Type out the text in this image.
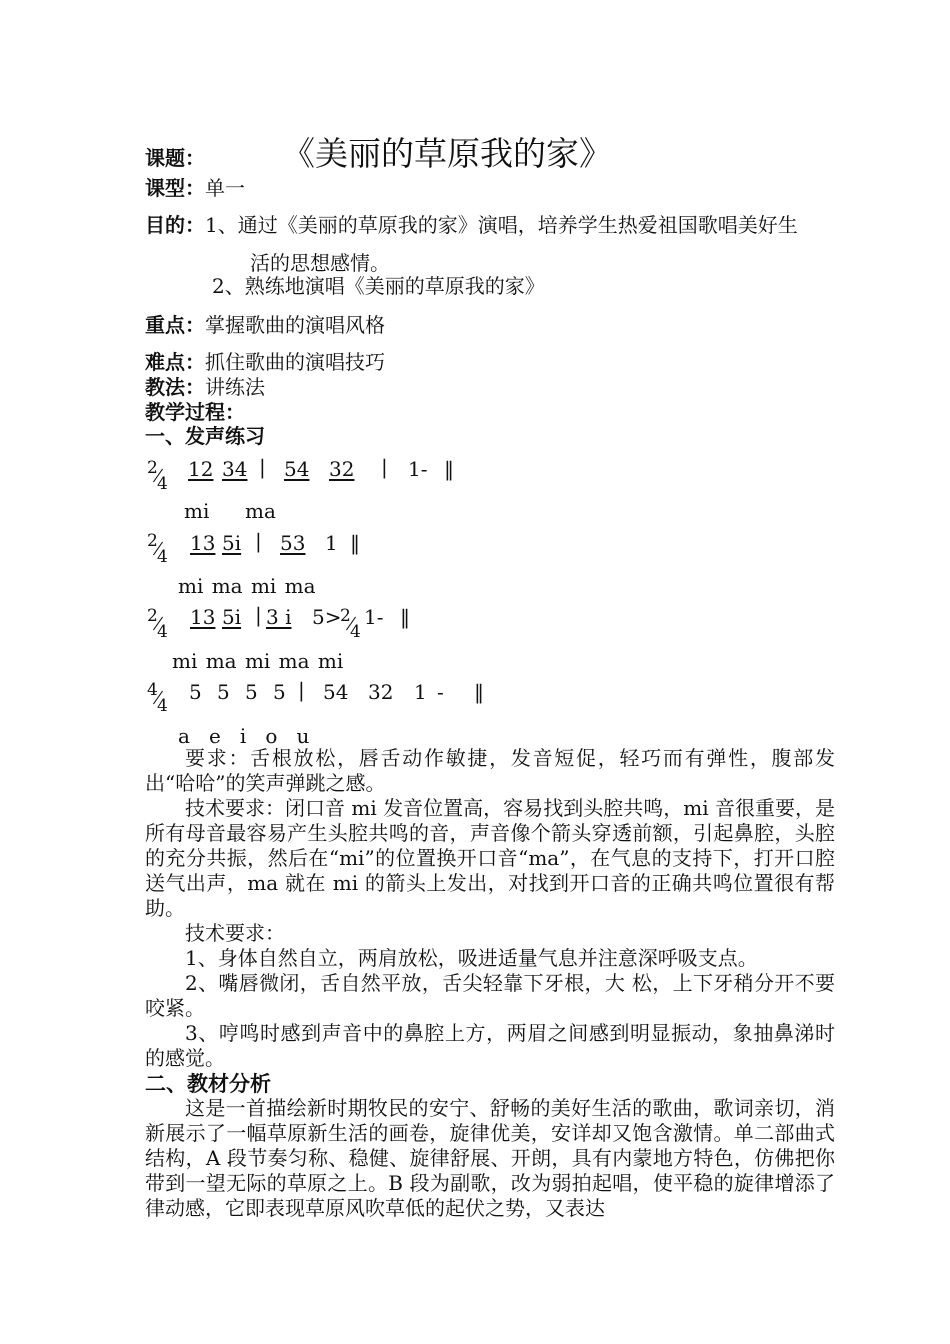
课题： 《美丽的草原我的家》
课型：单一
目的：1、通过《美丽的草原我的家》演唱，培养学生热爱祖国歌唱美好生
活的思想感情。
2、熟练地演唱《美丽的草原我的家》
重点：掌握歌曲的演唱风格
难点：抓住歌曲的演唱技巧
教法：讲练法
教学过程：
一、发声练习
2
4
12 34 | 54 32 | 1- ‖
mi ma
2
4
13 5i | 53 1 ‖
mi ma mi ma
2
4
13 5i | 3 i 5>
2
4
1- ‖
mi ma mi ma mi
4
4
5 5 5 5 | 54 32 1 - ‖
a   e   i   o   u

要求：舌根放松，唇舌动作敏捷，发音短促，轻巧而有弹性，腹部发出“哈哈”的笑声弹跳之感。

技术要求：闭口音 mi 发音位置高，容易找到头腔共鸣，mi 音很重要，是所有母音最容易产生头腔共鸣的音，声音像个箭头穿透前额，引起鼻腔，头腔的充分共振，然后在“mi”的位置换开口音“ma”，在气息的支持下，打开口腔送气出声，ma 就在 mi 的箭头上发出，对找到开口音的正确共鸣位置很有帮助。

技术要求：

1、身体自然自立，两肩放松，吸进适量气息并注意深呼吸支点。

2、嘴唇微闭，舌自然平放，舌尖轻靠下牙根，大 松，上下牙稍分开不要咬紧。

3、哼鸣时感到声音中的鼻腔上方，两眉之间感到明显振动，象抽鼻涕时的感觉。

二、教材分析

这是一首描绘新时期牧民的安宁、舒畅的美好生活的歌曲，歌词亲切，消新展示了一幅草原新生活的画卷，旋律优美，安详却又饱含激情。单二部曲式结构，A 段节奏匀称、稳健、旋律舒展、开朗，具有内蒙地方特色，仿佛把你带到一望无际的草原之上。B 段为副歌，改为弱拍起唱，使平稳的旋律增添了律动感，它即表现草原风吹草低的起伏之势，又表达
